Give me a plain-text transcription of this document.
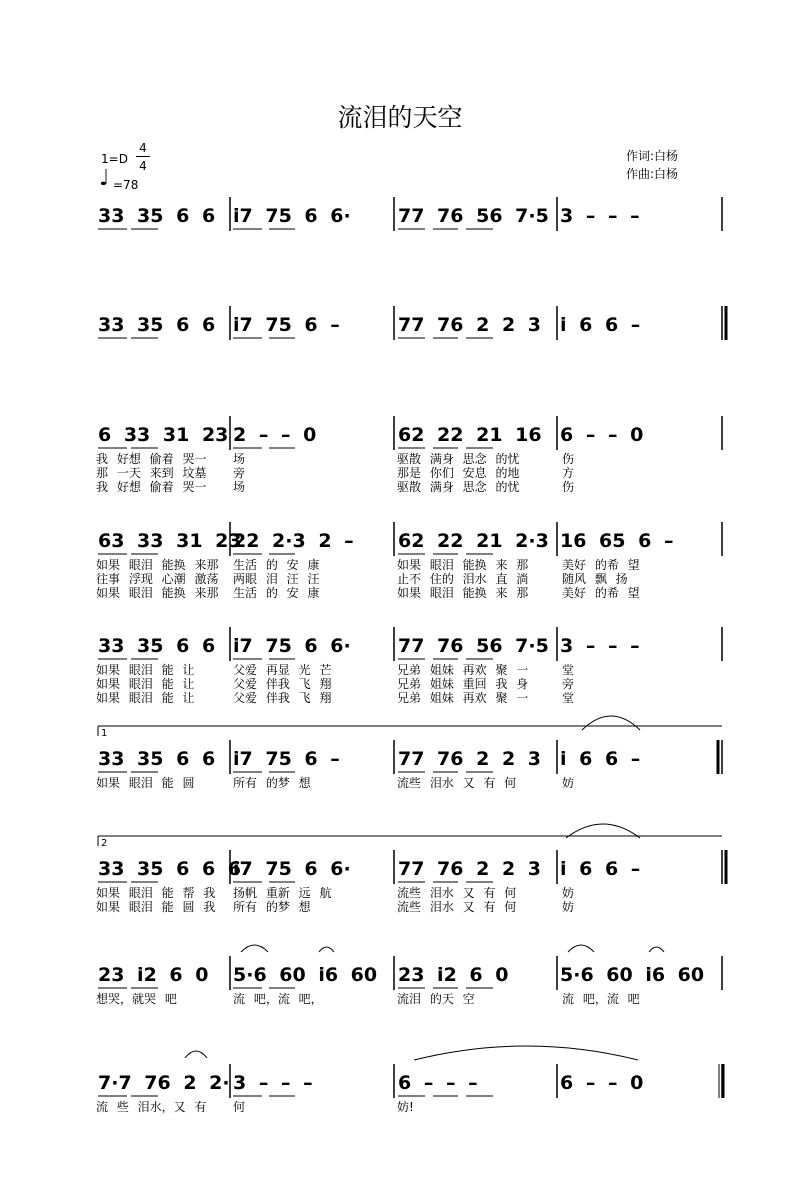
流泪的天空
1=D
4
4
♩ =78
作词:白杨
作曲:白杨
33 35 6 6 i7 75 6 6· 77 76 56 7·5 3 – – –
33 35 6 6 i7 75 6 –	77 76 2 2 3 i 6 6 –
6 33 31 23 2 – – 0	62 22 21 16 6 – – 0
我 好想 偷着 哭一 场	驱散 满身 思念 的忧	伤
那 一天 来到 坟墓 旁	那是 你们 安息 的地	方
我 好想 偷着 哭一 场	驱散 满身 思念 的忧	伤
63 33 31 23
22 2·3 2 – 62 22 21 2·3 16 65 6 –
如果 眼泪 能换 来那 生活 的 安 康	如果 眼泪 能换 来 那	美好 的希 望
往事 浮现 心潮 激荡 两眼 泪 汪 汪	止不 住的 泪水 直 淌	随风 飘 扬
如果 眼泪 能换 来那 生活 的 安 康	如果 眼泪 能换 来 那	美好 的希 望
33 35 6 6 i7 75 6 6· 77 76 56 7·5 3 – – –
如果 眼泪 能 让	父爱 再显 光 芒	兄弟 姐妹 再欢 聚 一	堂
如果 眼泪 能 让	父爱 伴我 飞 翔	兄弟 姐妹 重回 我 身	旁
如果 眼泪 能 让	父爱 伴我 飞 翔	兄弟 姐妹 再欢 聚 一	堂
33 35 6 6 i7 75 6 –	77 76 2 2 3 i 6 6 –
1
如果 眼泪 能 圆	所有 的梦 想	流些 泪水 又 有 何	妨
33 35 6 6 6
i7 75 6 6· 77 76 2 2 3 i 6 6 –
2
如果 眼泪 能 帮 我 扬帆 重新 远 航	流些 泪水 又 有 何	妨
如果 眼泪 能 圆 我 所有 的梦 想	流些 泪水 又 有 何	妨
23 i2 6 0 5·6 60 i6 60 23 i2 6 0	5·6 60 i6 60
想哭，就哭 吧	流 吧，流 吧，	流泪 的天 空	流 吧，流 吧
7·7 76 2 2· 3 – – –	6 – – –	6 – – 0
流 些 泪水，又 有 何	妨!
